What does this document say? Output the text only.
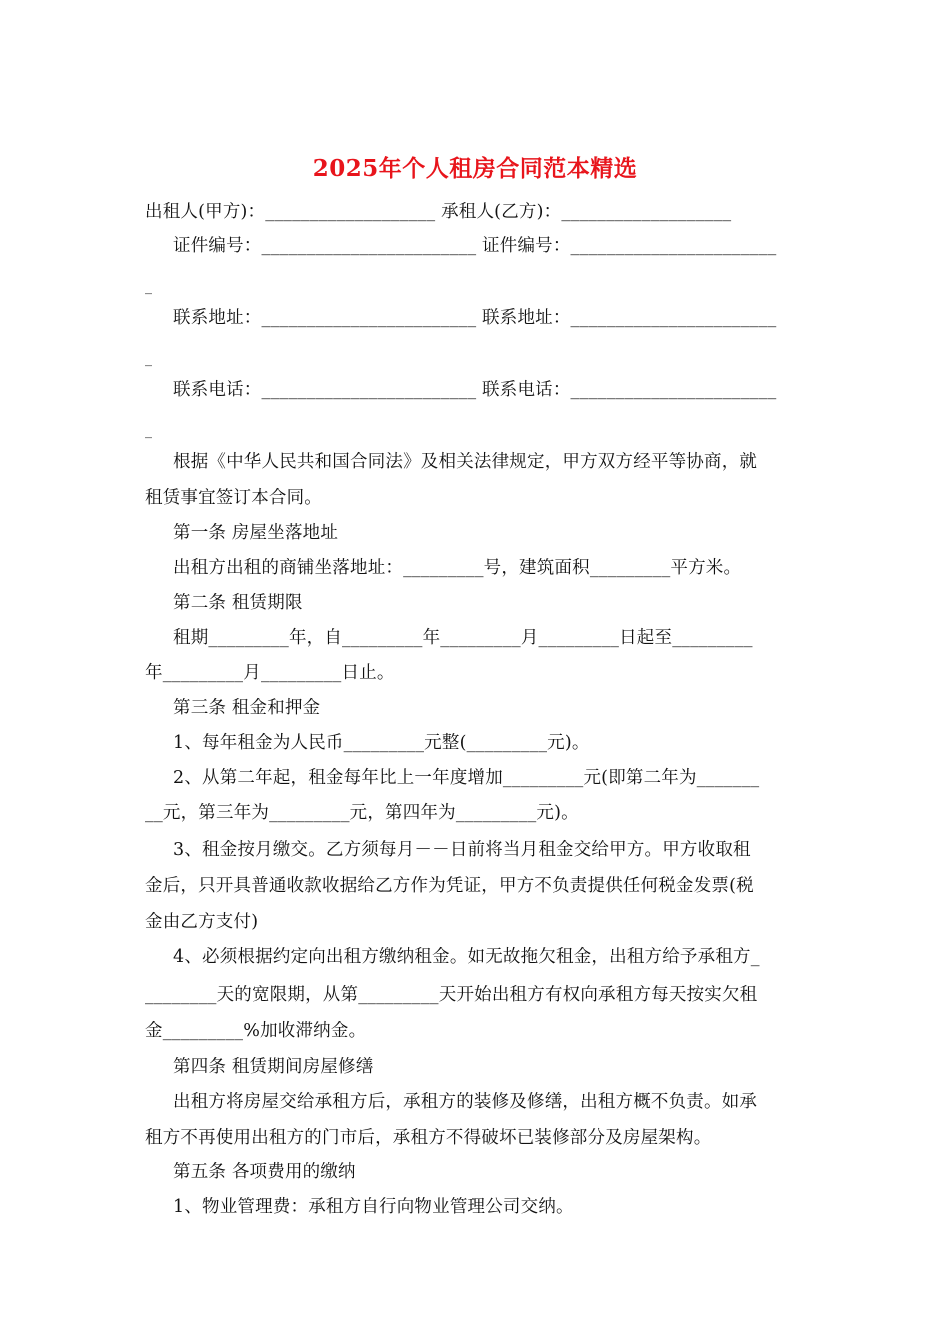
2025年个人租房合同范本精选
出租人(甲方)：___________________ 承租人(乙方)：___________________
证件编号：________________________ 证件编号：_______________________
_
联系地址：________________________ 联系地址：_______________________
_
联系电话：________________________ 联系电话：_______________________
_
根据《中华人民共和国合同法》及相关法律规定，甲方双方经平等协商，就
租赁事宜签订本合同。
第一条 房屋坐落地址
出租方出租的商铺坐落地址：_________号，建筑面积_________平方米。
第二条 租赁期限
租期_________年，自_________年_________月_________日起至_________
年_________月_________日止。
第三条 租金和押金
1、每年租金为人民币_________元整(_________元)。
2、从第二年起，租金每年比上一年度增加_________元(即第二年为_______
__元，第三年为_________元，第四年为_________元)。
3、租金按月缴交。乙方须每月－－日前将当月租金交给甲方。甲方收取租
金后，只开具普通收款收据给乙方作为凭证，甲方不负责提供任何税金发票(税
金由乙方支付)
4、必须根据约定向出租方缴纳租金。如无故拖欠租金，出租方给予承租方_
________天的宽限期，从第_________天开始出租方有权向承租方每天按实欠租
金_________%加收滞纳金。
第四条 租赁期间房屋修缮
出租方将房屋交给承租方后，承租方的装修及修缮，出租方概不负责。如承
租方不再使用出租方的门市后，承租方不得破坏已装修部分及房屋架构。
第五条 各项费用的缴纳
1、物业管理费：承租方自行向物业管理公司交纳。
